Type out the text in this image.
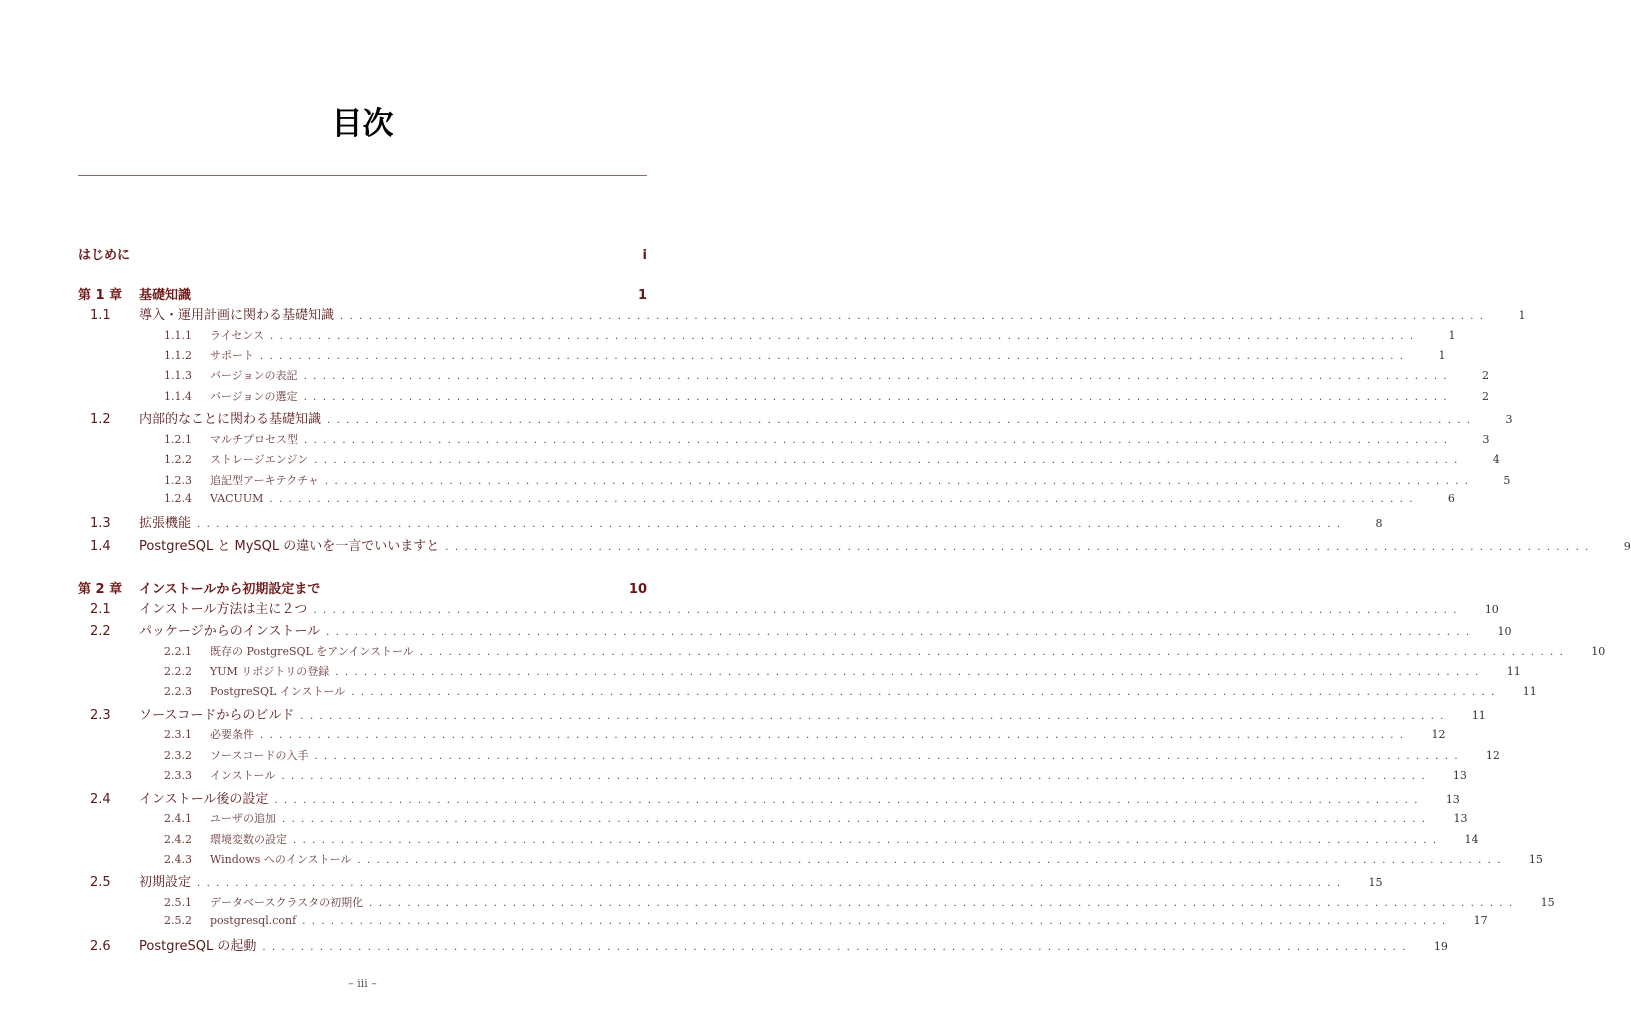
目次
はじめに	i
第 1 章	基礎知識	1
1.1	導入・運用計画に関わる基礎知識 ........................................................................................................................	1
1.1.1	ライセンス ........................................................................................................................	1
1.1.2	サポート ........................................................................................................................	1
1.1.3	バージョンの表記 ........................................................................................................................	2
1.1.4	バージョンの選定 ........................................................................................................................	2
1.2	内部的なことに関わる基礎知識 ........................................................................................................................	3
1.2.1	マルチプロセス型 ........................................................................................................................	3
1.2.2	ストレージエンジン ........................................................................................................................	4
1.2.3	追記型アーキテクチャ ........................................................................................................................	5
1.2.4	VACUUM ........................................................................................................................	6
1.3	拡張機能 ........................................................................................................................	8
1.4	PostgreSQL と MySQL の違いを一言でいいますと ........................................................................................................................	9
第 2 章	インストールから初期設定まで	10
2.1	インストール方法は主に２つ ........................................................................................................................	10
2.2	パッケージからのインストール ........................................................................................................................	10
2.2.1	既存の PostgreSQL をアンインストール ........................................................................................................................	10
2.2.2	YUM リポジトリの登録 ........................................................................................................................	11
2.2.3	PostgreSQL インストール ........................................................................................................................	11
2.3	ソースコードからのビルド ........................................................................................................................	11
2.3.1	必要条件 ........................................................................................................................	12
2.3.2	ソースコードの入手 ........................................................................................................................	12
2.3.3	インストール ........................................................................................................................	13
2.4	インストール後の設定 ........................................................................................................................	13
2.4.1	ユーザの追加 ........................................................................................................................	13
2.4.2	環境変数の設定 ........................................................................................................................	14
2.4.3	Windows へのインストール ........................................................................................................................	15
2.5	初期設定 ........................................................................................................................	15
2.5.1	データベースクラスタの初期化 ........................................................................................................................	15
2.5.2	postgresql.conf ........................................................................................................................	17
2.6	PostgreSQL の起動 ........................................................................................................................	19
– iii –
